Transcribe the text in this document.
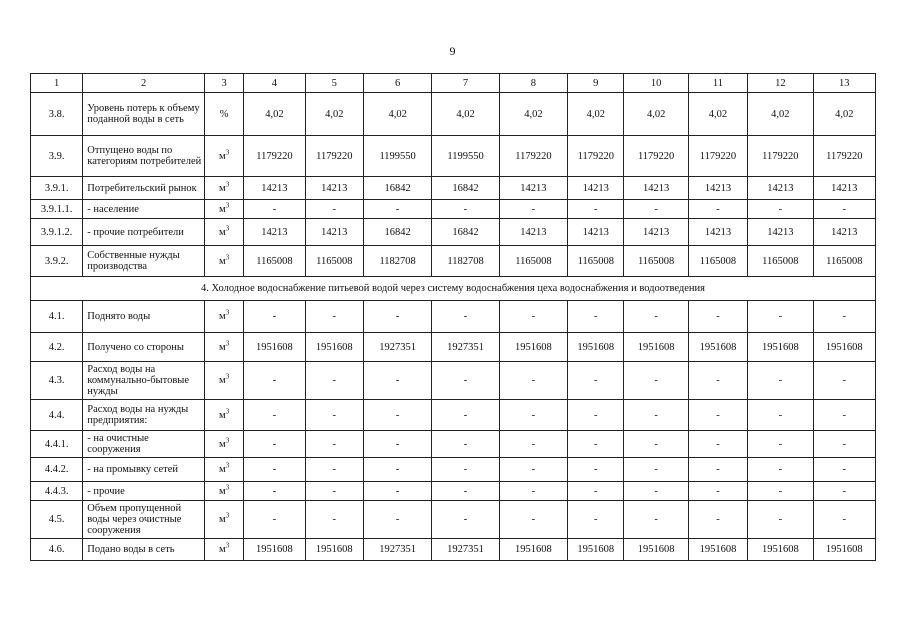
9
1	2	3	4	5	6	7	8	9	10	11	12	13
3.8.	Уровень потерь к объему поданной воды в сеть	%	4,02	4,02	4,02	4,02	4,02	4,02	4,02	4,02	4,02	4,02
3.9.	Отпущено воды по категориям потребителей	$м^3$	1179220	1179220	1199550	1199550	1179220	1179220	1179220	1179220	1179220	1179220
3.9.1.	Потребительский рынок	$м^3$	14213	14213	16842	16842	14213	14213	14213	14213	14213	14213
3.9.1.1.	- население	$м^3$	-	-	-	-	-	-	-	-	-	-
3.9.1.2.	- прочие потребители	$м^3$	14213	14213	16842	16842	14213	14213	14213	14213	14213	14213
3.9.2.	Собственные нужды производства	$м^3$	1165008	1165008	1182708	1182708	1165008	1165008	1165008	1165008	1165008	1165008
4. Холодное водоснабжение питьевой водой через систему водоснабжения цеха водоснабжения и водоотведения												
4.1.	Поднято воды	$м^3$	-	-	-	-	-	-	-	-	-	-
4.2.	Получено со стороны	$м^3$	1951608	1951608	1927351	1927351	1951608	1951608	1951608	1951608	1951608	1951608
4.3.	Расход воды на коммунально-бытовые нужды	$м^3$	-	-	-	-	-	-	-	-	-	-
4.4.	Расход воды на нужды предприятия:	$м^3$	-	-	-	-	-	-	-	-	-	-
4.4.1.	- на очистные сооружения	$м^3$	-	-	-	-	-	-	-	-	-	-
4.4.2.	- на промывку сетей	$м^3$	-	-	-	-	-	-	-	-	-	-
4.4.3.	- прочие	$м^3$	-	-	-	-	-	-	-	-	-	-
4.5.	Объем пропущенной воды через очистные сооружения	$м^3$	-	-	-	-	-	-	-	-	-	-
4.6.	Подано воды в сеть	$м^3$	1951608	1951608	1927351	1927351	1951608	1951608	1951608	1951608	1951608	1951608
